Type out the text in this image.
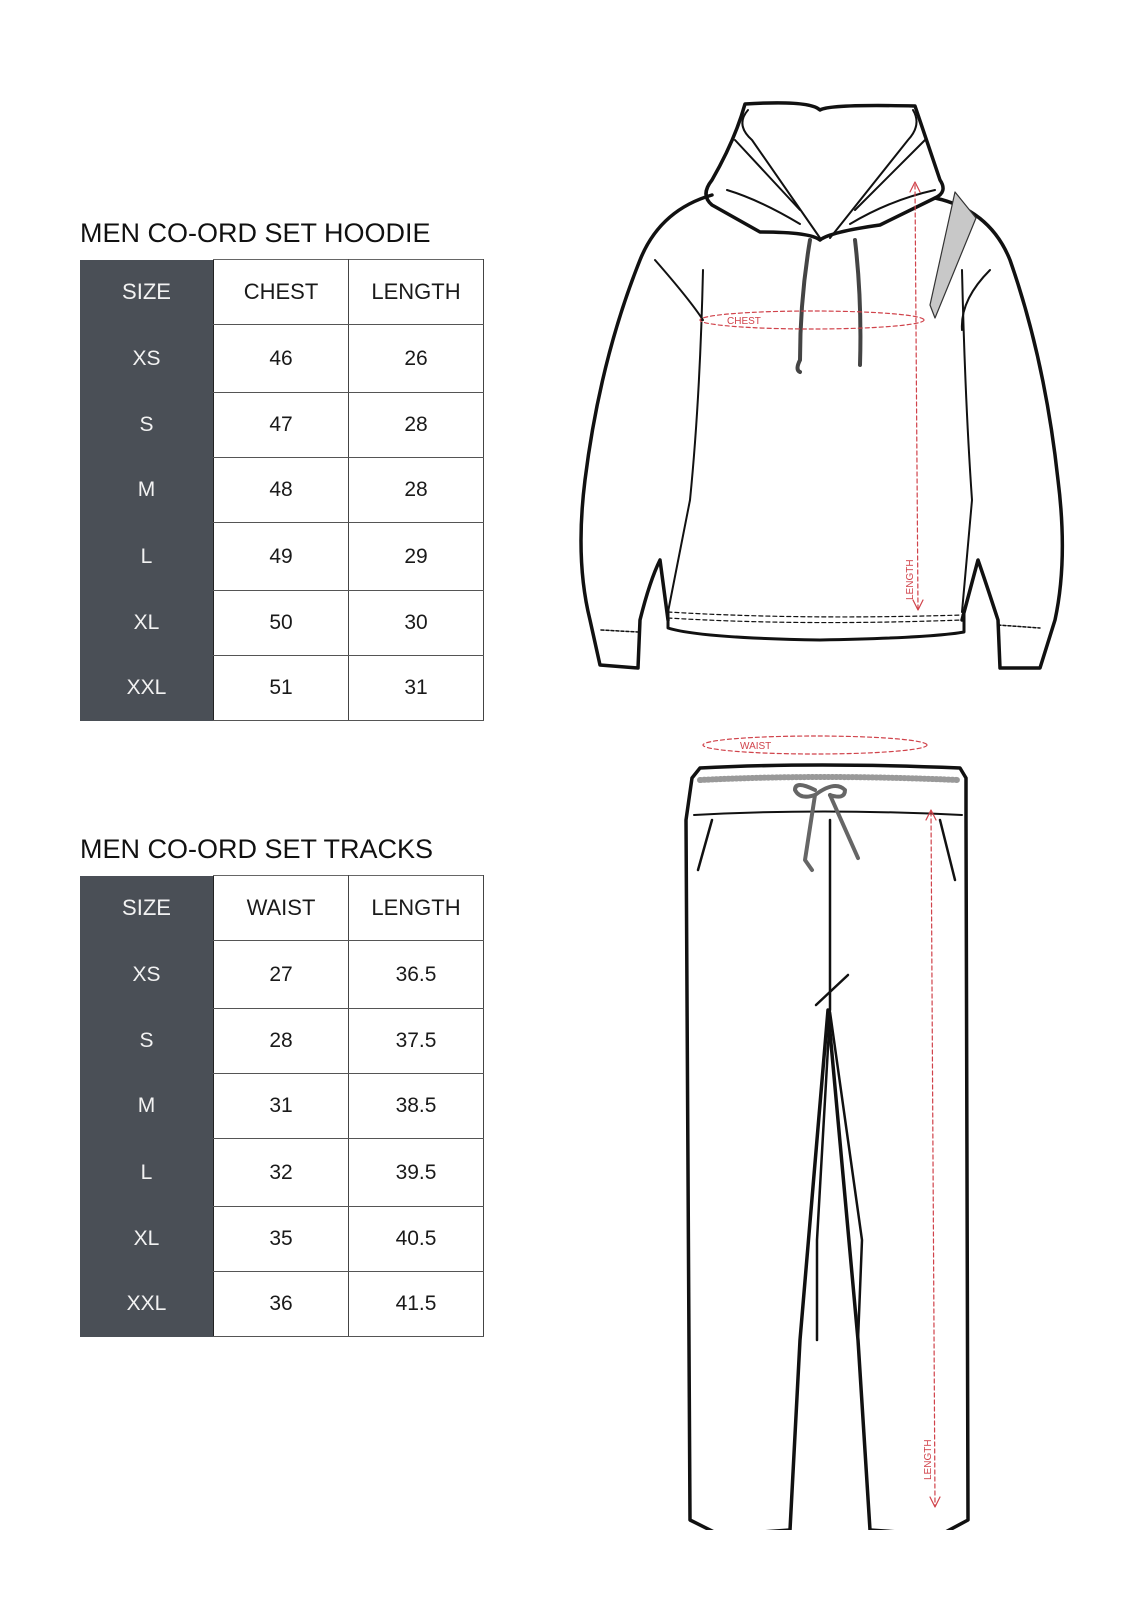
MEN CO-ORD SET HOODIE
SIZE	CHEST	LENGTH
XS	46	26
S	47	28
M	48	28
L	49	29
XL	50	30
XXL	51	31
MEN CO-ORD SET TRACKS
SIZE	WAIST	LENGTH
XS	27	36.5
S	28	37.5
M	31	38.5
L	32	39.5
XL	35	40.5
XXL	36	41.5
CHEST
LENGTH
WAIST
LENGTH
